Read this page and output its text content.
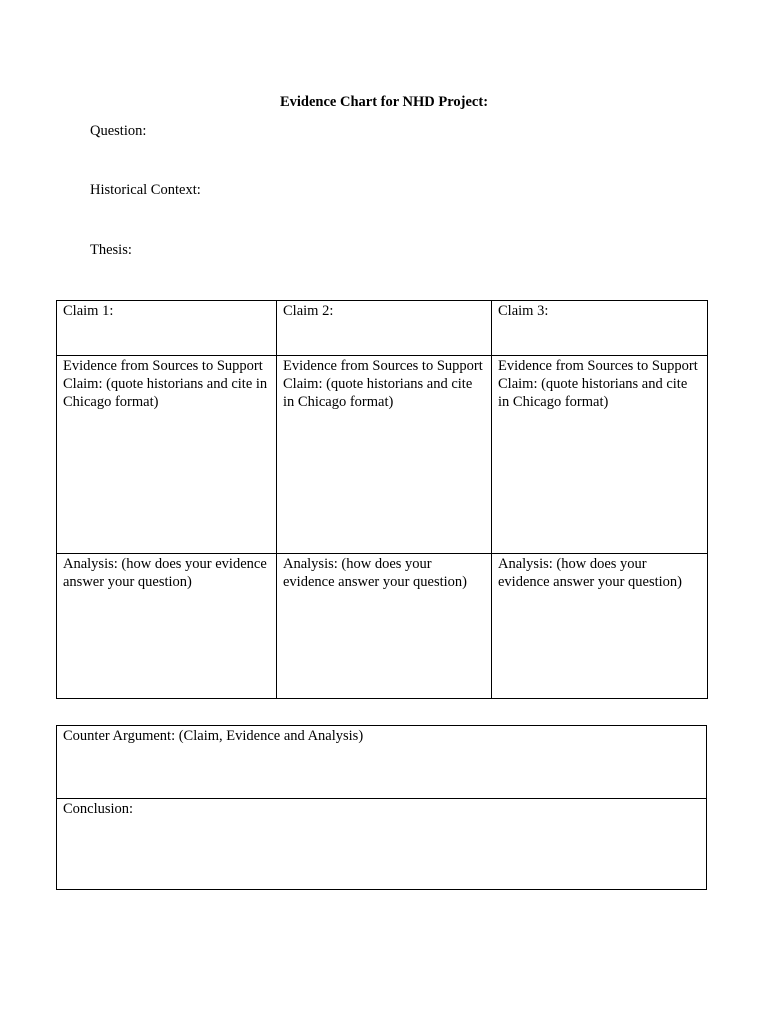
Evidence Chart for NHD Project:
Question:
Historical Context:
Thesis:
Claim 1:	Claim 2:	Claim 3:
Evidence from Sources to Support Claim: (quote historians and cite in Chicago format)	Evidence from Sources to Support Claim: (quote historians and cite in Chicago format)	Evidence from Sources to Support Claim: (quote historians and cite in Chicago format)
Analysis: (how does your evidence answer your question)	Analysis: (how does your evidence answer your question)	Analysis: (how does your evidence answer your question)
Counter Argument: (Claim, Evidence and Analysis)
Conclusion:
